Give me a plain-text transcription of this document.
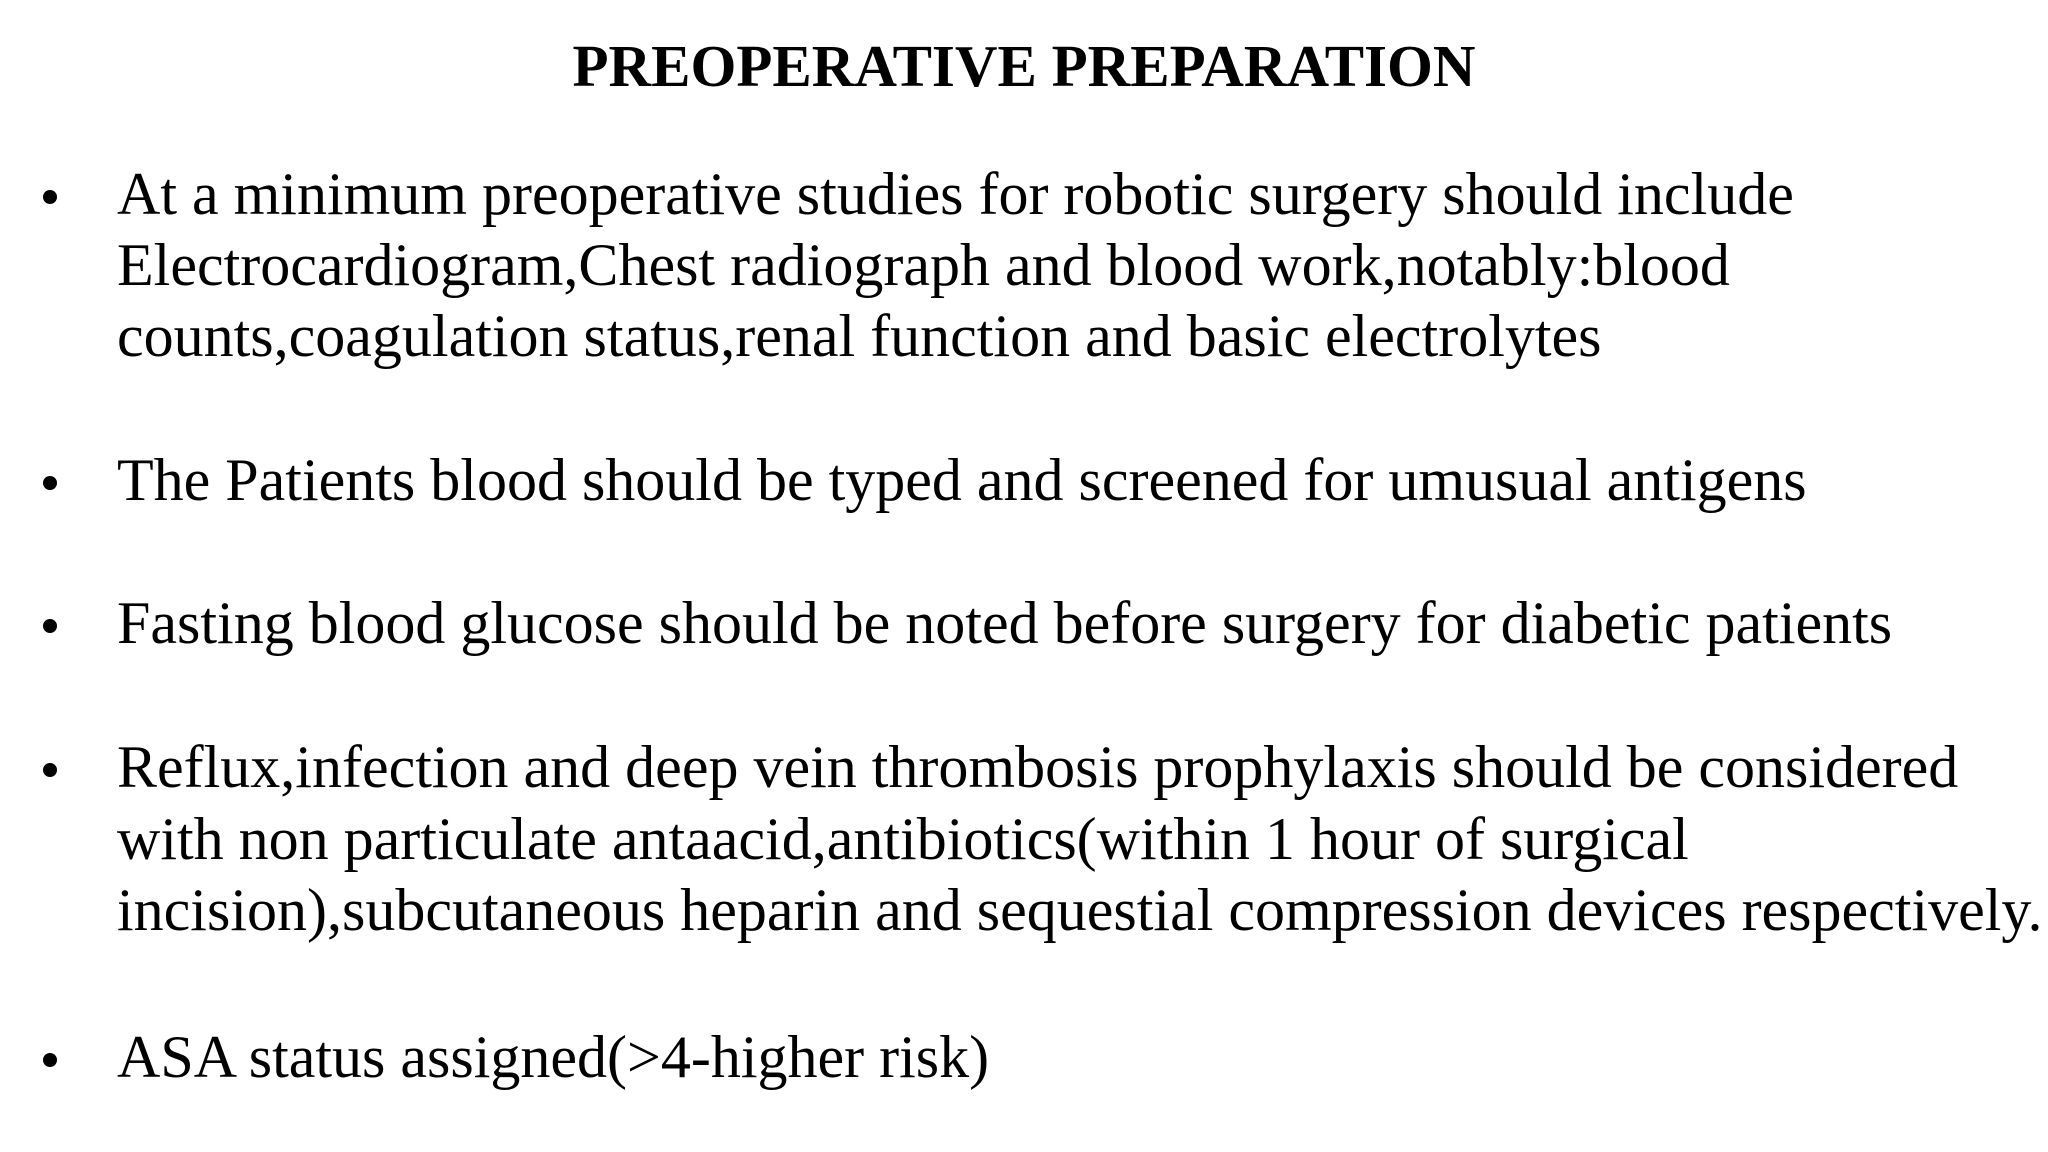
PREOPERATIVE PREPARATION
At a minimum preoperative studies for robotic surgery should include
Electrocardiogram,Chest radiograph and blood work,notably:blood
counts,coagulation status,renal function and basic electrolytes
The Patients blood should be typed and screened for umusual antigens
Fasting blood glucose should be noted before surgery for diabetic patients
Reflux,infection and deep vein thrombosis prophylaxis should be considered
with non particulate antaacid,antibiotics(within 1 hour of surgical
incision),subcutaneous heparin and sequestial compression devices respectively.
ASA status assigned(>4-higher risk)
